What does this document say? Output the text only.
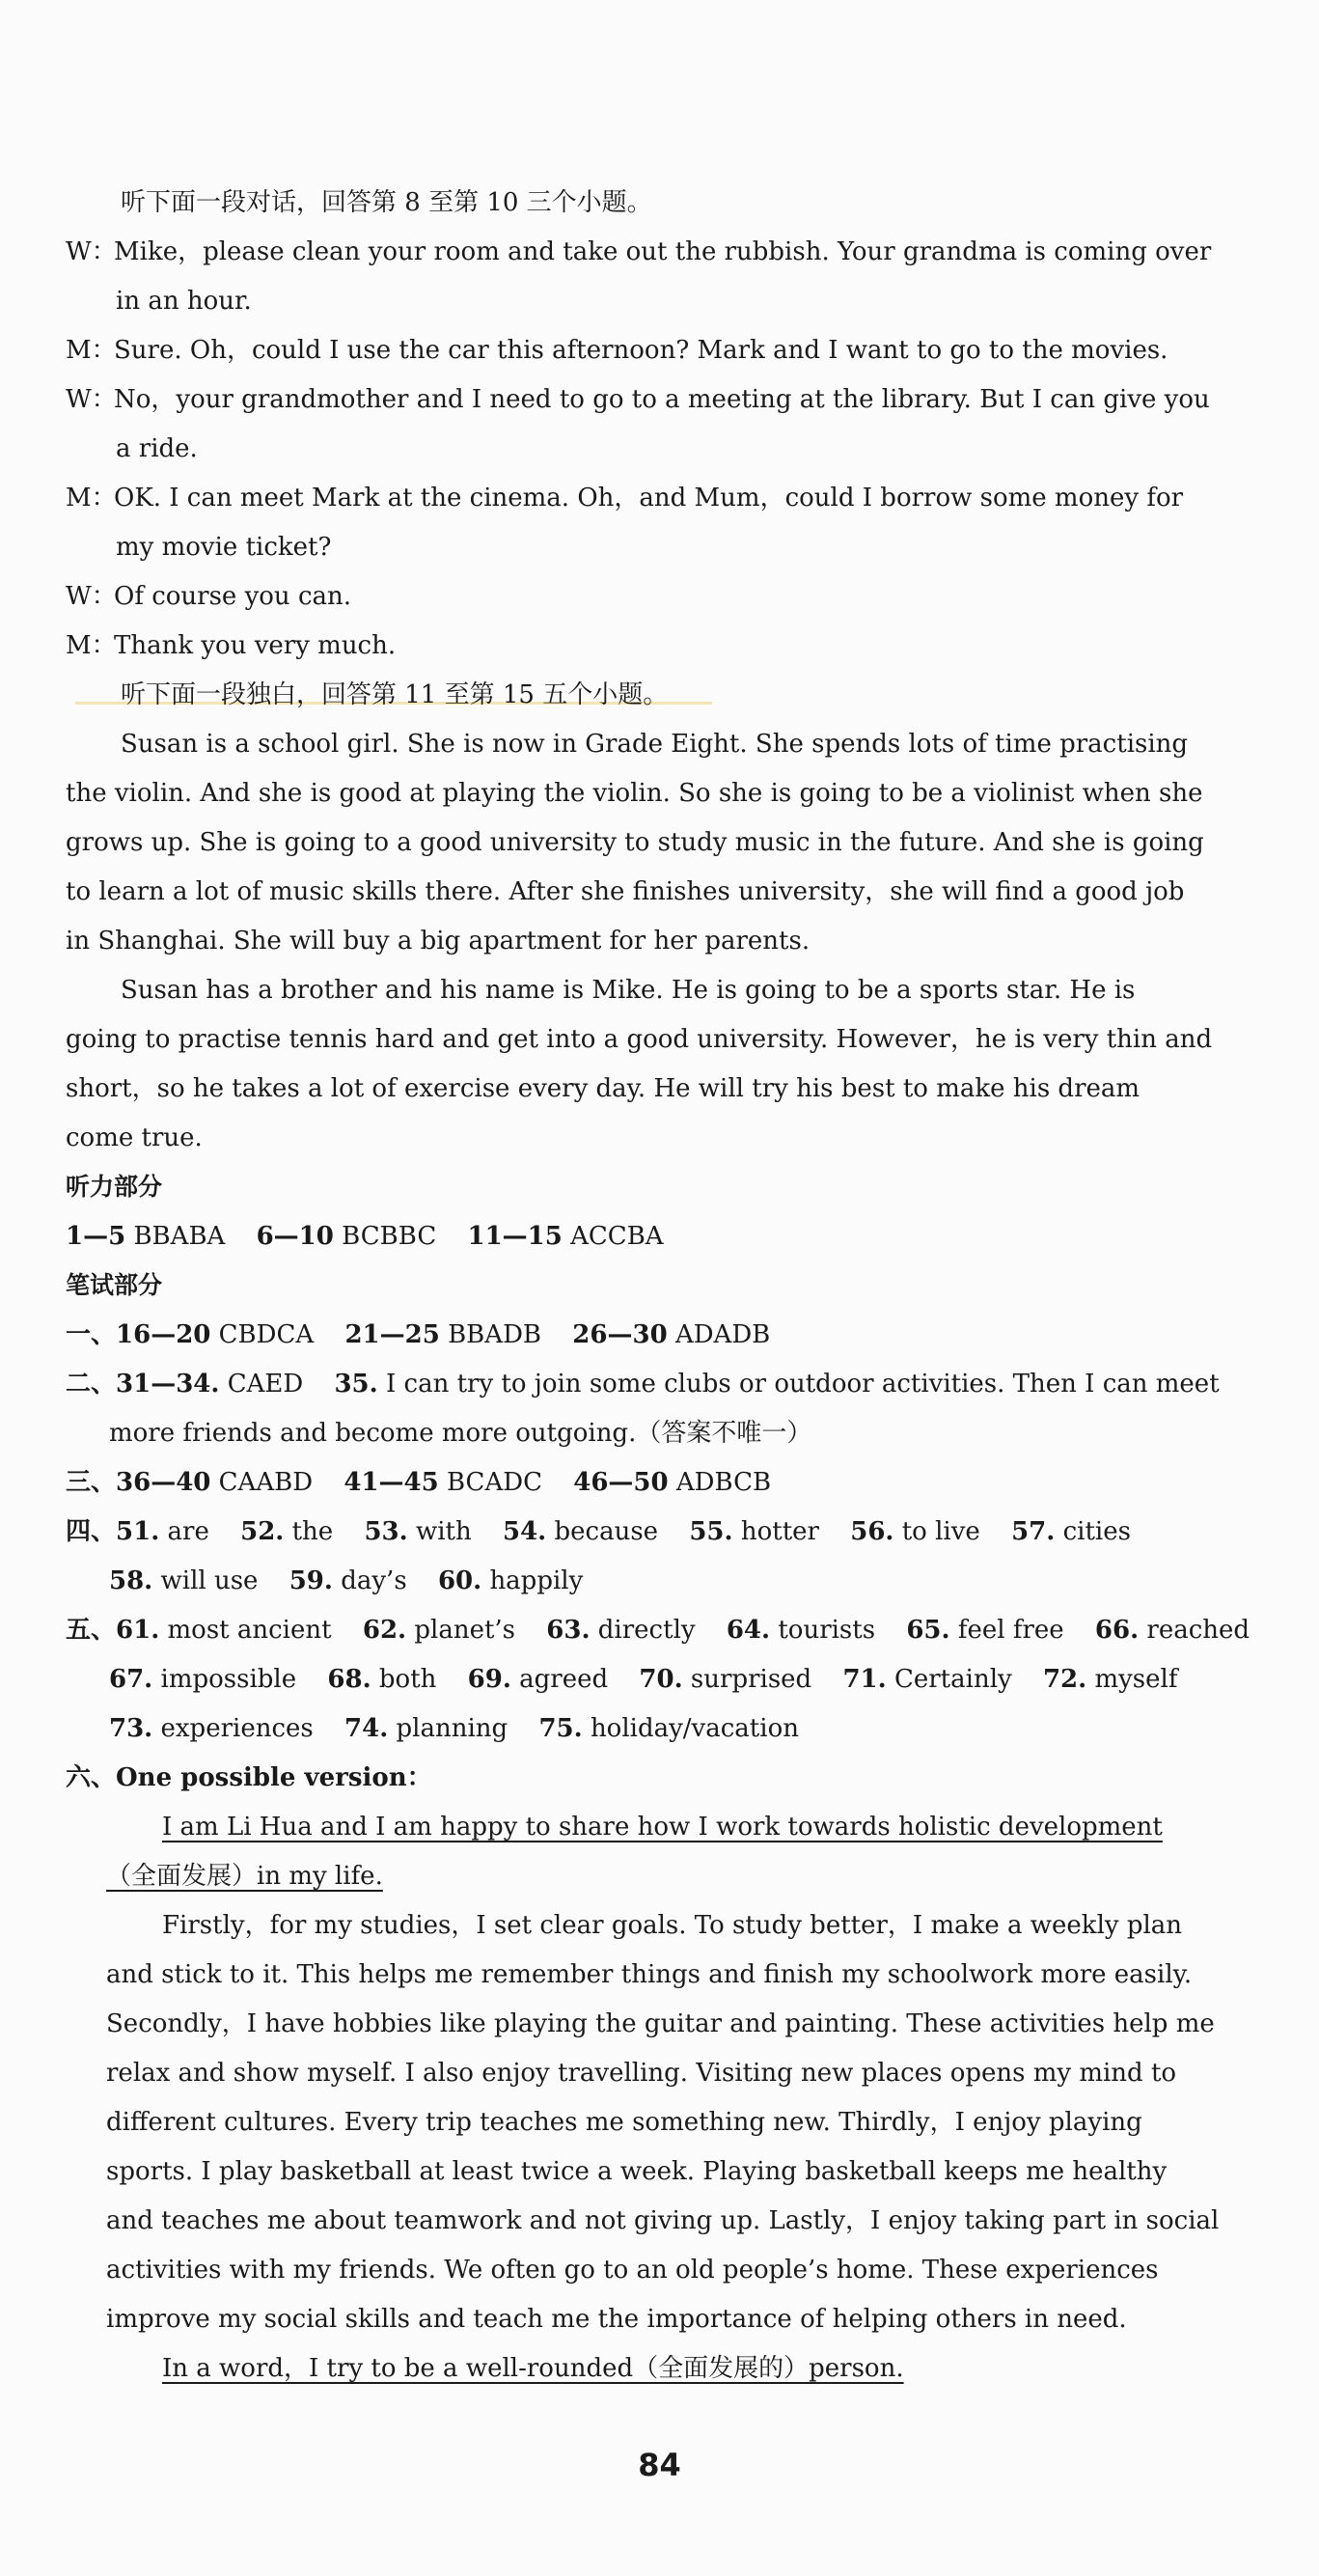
听下面一段对话，回答第 8 至第 10 三个小题。
W：Mike，please clean your room and take out the rubbish. Your grandma is coming over
in an hour.
M：Sure. Oh，could I use the car this afternoon? Mark and I want to go to the movies.
W：No，your grandmother and I need to go to a meeting at the library. But I can give you
a ride.
M：OK. I can meet Mark at the cinema. Oh，and Mum，could I borrow some money for
my movie ticket?
W：Of course you can.
M：Thank you very much.
听下面一段独白，回答第 11 至第 15 五个小题。
Susan is a school girl. She is now in Grade Eight. She spends lots of time practising
the violin. And she is good at playing the violin. So she is going to be a violinist when she
grows up. She is going to a good university to study music in the future. And she is going
to learn a lot of music skills there. After she finishes university，she will find a good job
in Shanghai. She will buy a big apartment for her parents.
Susan has a brother and his name is Mike. He is going to be a sports star. He is
going to practise tennis hard and get into a good university. However，he is very thin and
short，so he takes a lot of exercise every day. He will try his best to make his dream
come true.
听力部分
1—5 BBABA 6—10 BCBBC 11—15 ACCBA
笔试部分
一、16—20 CBDCA 21—25 BBADB 26—30 ADADB
二、31—34. CAED 35. I can try to join some clubs or outdoor activities. Then I can meet
more friends and become more outgoing.（答案不唯一）
三、36—40 CAABD 41—45 BCADC 46—50 ADBCB
四、51. are 52. the 53. with 54. because 55. hotter 56. to live 57. cities
58. will use 59. day’s 60. happily
五、61. most ancient 62. planet’s 63. directly 64. tourists 65. feel free 66. reached
67. impossible 68. both 69. agreed 70. surprised 71. Certainly 72. myself
73. experiences 74. planning 75. holiday/vacation
六、One possible version：
I am Li Hua and I am happy to share how I work towards holistic development
（全面发展）in my life.
Firstly，for my studies，I set clear goals. To study better，I make a weekly plan
and stick to it. This helps me remember things and finish my schoolwork more easily.
Secondly，I have hobbies like playing the guitar and painting. These activities help me
relax and show myself. I also enjoy travelling. Visiting new places opens my mind to
different cultures. Every trip teaches me something new. Thirdly，I enjoy playing
sports. I play basketball at least twice a week. Playing basketball keeps me healthy
and teaches me about teamwork and not giving up. Lastly，I enjoy taking part in social
activities with my friends. We often go to an old people’s home. These experiences
improve my social skills and teach me the importance of helping others in need.
In a word，I try to be a well-rounded（全面发展的）person.
84
